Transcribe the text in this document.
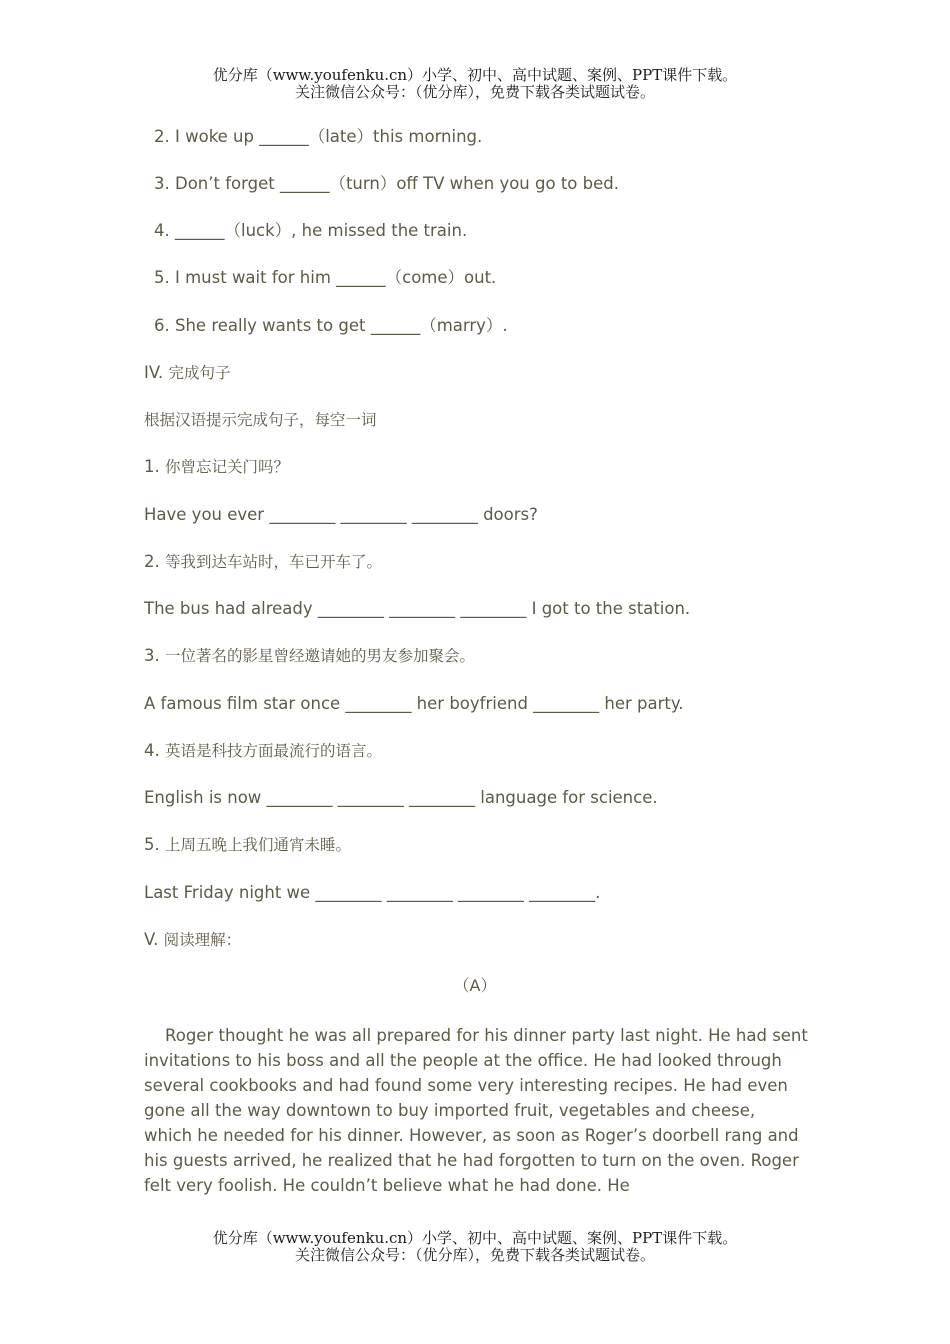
优分库（www.youfenku.cn）小学、初中、高中试题、案例、PPT课件下载。
关注微信公众号：（优分库），免费下载各类试题试卷。
2. I woke up ______（late）this morning.
3. Don’t forget ______（turn）off TV when you go to bed.
4. ______（luck）, he missed the train.
5. I must wait for him ______（come）out.
6. She really wants to get ______（marry）.
IV. 完成句子
根据汉语提示完成句子，每空一词
1. 你曾忘记关门吗？
Have you ever ________ ________ ________ doors?
2. 等我到达车站时，车已开车了。
The bus had already ________ ________ ________ I got to the station.
3. 一位著名的影星曾经邀请她的男友参加聚会。
A famous film star once ________ her boyfriend ________ her party.
4. 英语是科技方面最流行的语言。
English is now ________ ________ ________ language for science.
5. 上周五晚上我们通宵未睡。
Last Friday night we ________ ________ ________ ________.
V. 阅读理解：
（A）

Roger thought he was all prepared for his dinner party last night. He had sent invitations to his boss and all the people at the office. He had looked through several cookbooks and had found some very interesting recipes. He had even gone all the way downtown to buy imported fruit, vegetables and cheese, which he needed for his dinner. However, as soon as Roger’s doorbell rang and his guests arrived, he realized that he had forgotten to turn on the oven. Roger felt very foolish. He couldn’t believe what he had done. He

优分库（www.youfenku.cn）小学、初中、高中试题、案例、PPT课件下载。
关注微信公众号：（优分库），免费下载各类试题试卷。
